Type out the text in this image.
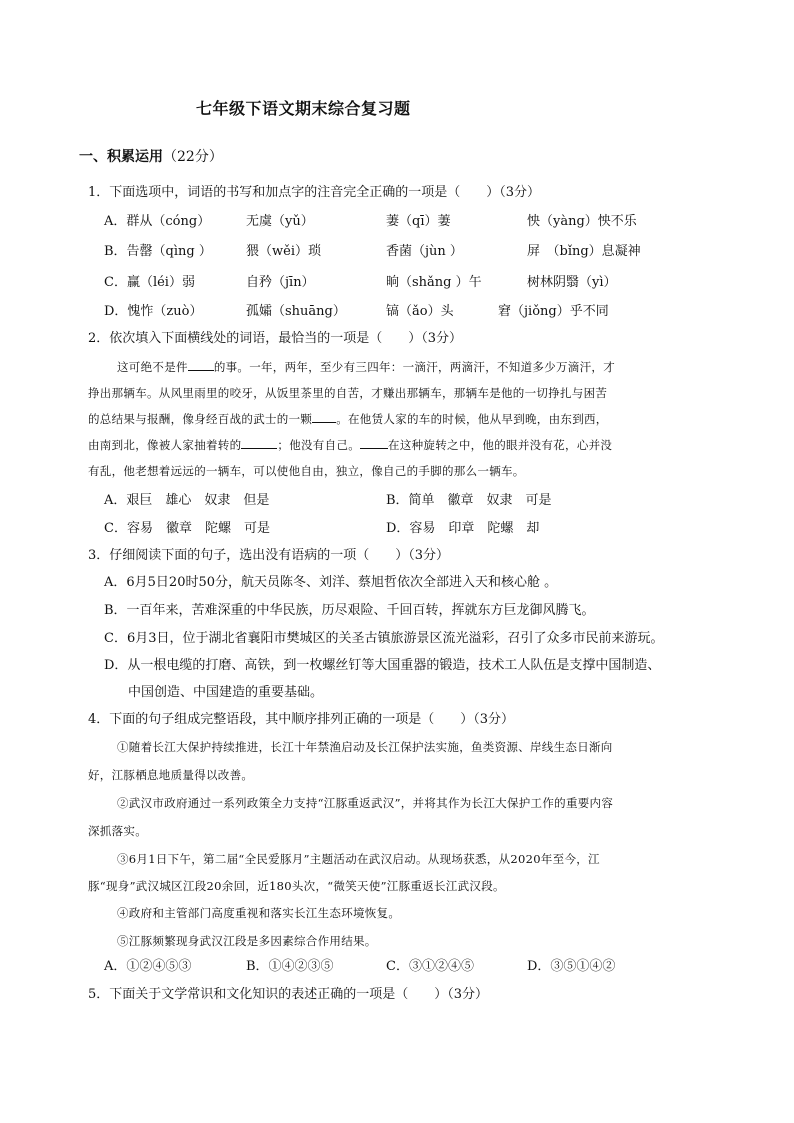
七年级下语文期末综合复习题
一、积累运用（22分）
1．下面选项中，词语的书写和加点字的注音完全正确的一项是（　　）（3分）
A．群从（cóng）	无虞（yǔ）	萋（qī）萋	怏（yàng）怏不乐
B．告罄（qìng ）	猥（wěi）琐	香菌（jùn ）	屏　（bǐng）息凝神
C．赢（léi）弱	自矜（jīn）	晌（shǎng ）午	树林阴翳（yì）
D．愧怍（zuò）	孤孀（shuāng）	镐（ǎo）头	窘（jiǒng）乎不同
2．依次填入下面横线处的词语，最恰当的一项是（　　）（3分）
这可绝不是件 的事。一年，两年，至少有三四年：一滴汗，两滴汗，不知道多少万滴汗，才
挣出那辆车。从风里雨里的咬牙，从饭里茶里的自苦，才赚出那辆车，那辆车是他的一切挣扎与困苦
的总结果与报酬，像身经百战的武士的一颗 。在他赁人家的车的时候，他从早到晚，由东到西，
由南到北，像被人家抽着转的	；他没有自己。 在这种旋转之中，他的眼并没有花，心并没
有乱，他老想着远远的一辆车，可以使他自由，独立，像自己的手脚的那么一辆车。
A．艰巨　雄心　奴隶　但是	B．简单　徽章　奴隶　可是
C．容易　徽章　陀螺　可是	D．容易　印章　陀螺　却
3．仔细阅读下面的句子，选出没有语病的一项（　　）（3分）
A．6月5日20时50分，航天员陈冬、刘洋、蔡旭哲依次全部进入天和核心舱 。
B．一百年来，苦难深重的中华民族，历尽艰险、千回百转，挥就东方巨龙御风腾飞。
C．6月3日，位于湖北省襄阳市樊城区的关圣古镇旅游景区流光溢彩，召引了众多市民前来游玩。
D．从一根电缆的打磨、高铁，到一枚螺丝钉等大国重器的锻造，技术工人队伍是支撑中国制造、
中国创造、中国建造的重要基础。
4．下面的句子组成完整语段，其中顺序排列正确的一项是（　　）（3分）
①随着长江大保护持续推进，长江十年禁渔启动及长江保护法实施，鱼类资源、岸线生态日渐向
好，江豚栖息地质量得以改善。
②武汉市政府通过一系列政策全力支持“江豚重返武汉”，并将其作为长江大保护工作的重要内容
深抓落实。
③6月1日下午，第二届“全民爱豚月”主题活动在武汉启动。从现场获悉，从2020年至今，江
豚“现身”武汉城区江段20余回，近180头次，“微笑天使”江豚重返长江武汉段。
④政府和主管部门高度重视和落实长江生态环境恢复。
⑤江豚频繁现身武汉江段是多因素综合作用结果。
A．①②④⑤③	B．①④②③⑤	C．③①②④⑤	D．③⑤①④②
5．下面关于文学常识和文化知识的表述正确的一项是（　　）（3分）
